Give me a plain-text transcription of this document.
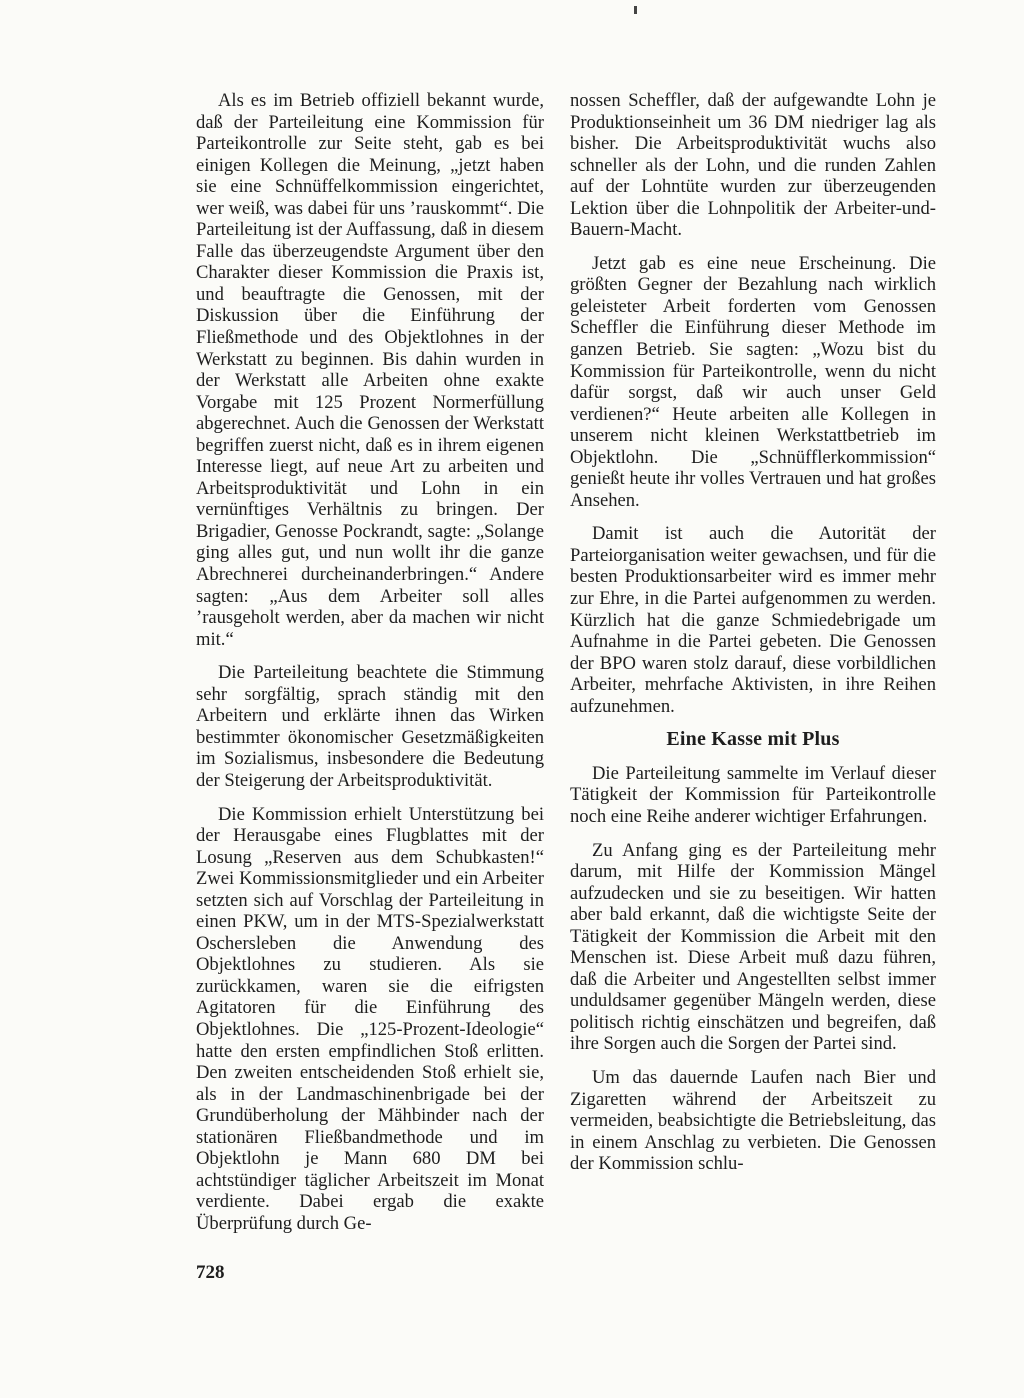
Als es im Betrieb offiziell bekannt wurde, daß der Parteileitung eine Kommission für Parteikontrolle zur Seite steht, gab es bei einigen Kollegen die Meinung, „jetzt haben sie eine Schnüffelkommission eingerichtet, wer weiß, was dabei für uns ’rauskommt“. Die Parteileitung ist der Auffassung, daß in diesem Falle das überzeugendste Argument über den Charakter dieser Kommission die Praxis ist, und beauftragte die Genossen, mit der Diskussion über die Einführung der Fließmethode und des Objektlohnes in der Werkstatt zu beginnen. Bis dahin wurden in der Werkstatt alle Arbeiten ohne exakte Vorgabe mit 125 Prozent Normerfüllung abgerechnet. Auch die Genossen der Werkstatt begriffen zuerst nicht, daß es in ihrem eigenen Interesse liegt, auf neue Art zu arbeiten und Arbeitsproduktivität und Lohn in ein vernünftiges Verhältnis zu bringen. Der Brigadier, Genosse Pockrandt, sagte: „Solange ging alles gut, und nun wollt ihr die ganze Abrechnerei durcheinanderbringen.“ Andere sagten: „Aus dem Arbeiter soll alles ’rausgeholt werden, aber da machen wir nicht mit.“

Die Parteileitung beachtete die Stimmung sehr sorgfältig, sprach ständig mit den Arbeitern und erklärte ihnen das Wirken bestimmter ökonomischer Gesetzmäßigkeiten im Sozialismus, insbesondere die Bedeutung der Steigerung der Arbeitsproduktivität.

Die Kommission erhielt Unterstützung bei der Herausgabe eines Flugblattes mit der Losung „Reserven aus dem Schubkasten!“ Zwei Kommissionsmitglieder und ein Arbeiter setzten sich auf Vorschlag der Parteileitung in einen PKW, um in der MTS-Spezialwerkstatt Oschersleben die Anwendung des Objektlohnes zu studieren. Als sie zurückkamen, waren sie die eifrigsten Agitatoren für die Einführung des Objektlohnes. Die „125-Prozent-Ideologie“ hatte den ersten empfindlichen Stoß erlitten. Den zweiten entscheidenden Stoß erhielt sie, als in der Landmaschinenbrigade bei der Grundüberholung der Mähbinder nach der stationären Fließbandmethode und im Objektlohn je Mann 680 DM bei achtstündiger täglicher Arbeitszeit im Monat verdiente. Dabei ergab die exakte Überprüfung durch Ge-

nossen Scheffler, daß der aufgewandte Lohn je Produktionseinheit um 36 DM niedriger lag als bisher. Die Arbeitsproduktivität wuchs also schneller als der Lohn, und die runden Zahlen auf der Lohntüte wurden zur überzeugenden Lektion über die Lohnpolitik der Arbeiter-und-Bauern-Macht.

Jetzt gab es eine neue Erscheinung. Die größten Gegner der Bezahlung nach wirklich geleisteter Arbeit forderten vom Genossen Scheffler die Einführung dieser Methode im ganzen Betrieb. Sie sagten: „Wozu bist du Kommission für Parteikontrolle, wenn du nicht dafür sorgst, daß wir auch unser Geld verdienen?“ Heute arbeiten alle Kollegen in unserem nicht kleinen Werkstattbetrieb im Objektlohn. Die „Schnüfflerkommission“ genießt heute ihr volles Vertrauen und hat großes Ansehen.

Damit ist auch die Autorität der Parteiorganisation weiter gewachsen, und für die besten Produktionsarbeiter wird es immer mehr zur Ehre, in die Partei aufgenommen zu werden. Kürzlich hat die ganze Schmiedebrigade um Aufnahme in die Partei gebeten. Die Genossen der BPO waren stolz darauf, diese vorbildlichen Arbeiter, mehrfache Aktivisten, in ihre Reihen aufzunehmen.

Eine Kasse mit Plus

Die Parteileitung sammelte im Verlauf dieser Tätigkeit der Kommission für Parteikontrolle noch eine Reihe anderer wichtiger Erfahrungen.

Zu Anfang ging es der Parteileitung mehr darum, mit Hilfe der Kommission Mängel aufzudecken und sie zu beseitigen. Wir hatten aber bald erkannt, daß die wichtigste Seite der Tätigkeit der Kommission die Arbeit mit den Menschen ist. Diese Arbeit muß dazu führen, daß die Arbeiter und Angestellten selbst immer unduldsamer gegenüber Mängeln werden, diese politisch richtig einschätzen und begreifen, daß ihre Sorgen auch die Sorgen der Partei sind.

Um das dauernde Laufen nach Bier und Zigaretten während der Arbeitszeit zu vermeiden, beabsichtigte die Betriebsleitung, das in einem Anschlag zu verbieten. Die Genossen der Kommission schlu-

728
